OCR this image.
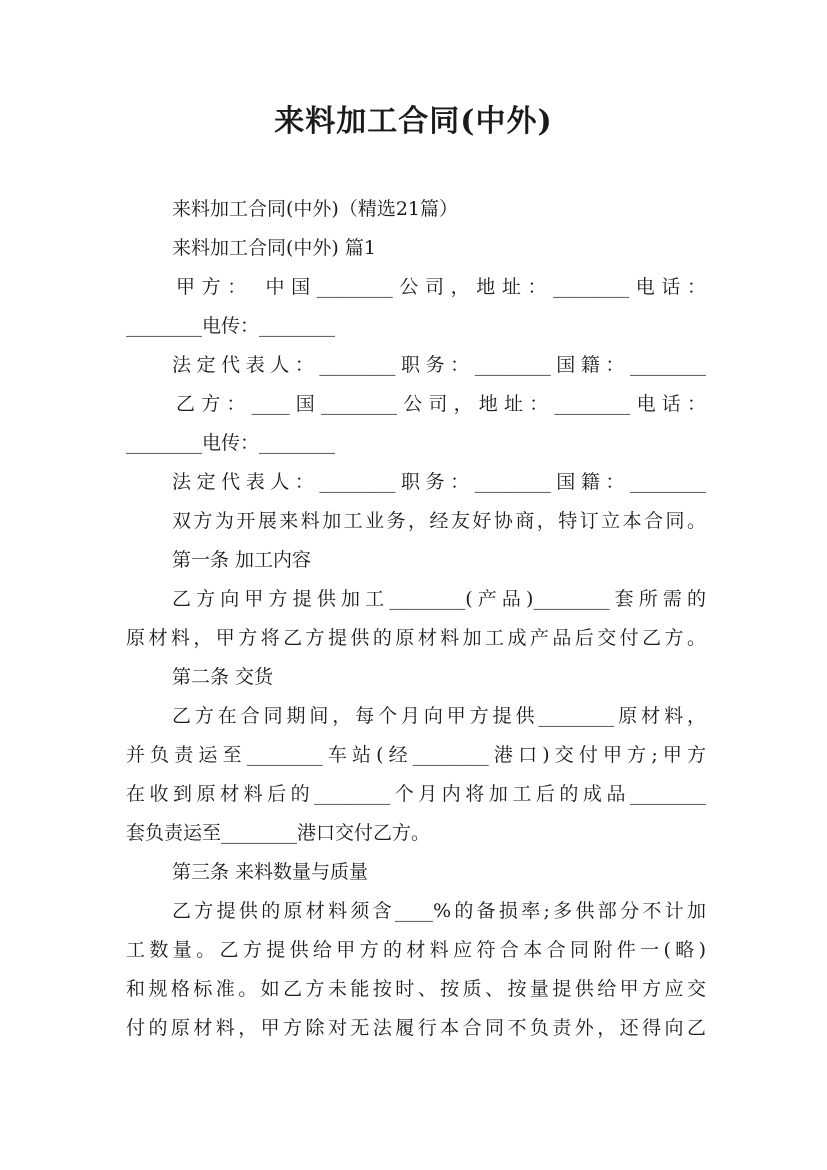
来料加工合同(中外)

来料加工合同(中外)（精选21篇）

来料加工合同(中外) 篇1

甲方： 中国________公司，地址：________电话：

________电传：________

法定代表人：________职务：________国籍：________

乙方：____国________公司，地址：________电话：

________电传：________

法定代表人：________职务：________国籍：________

双方为开展来料加工业务，经友好协商，特订立本合同。

第一条 加工内容

乙方向甲方提供加工________(产品)________套所需的

原材料，甲方将乙方提供的原材料加工成产品后交付乙方。

第二条 交货

乙方在合同期间，每个月向甲方提供________原材料，

并负责运至________车站(经________港口)交付甲方;甲方

在收到原材料后的________个月内将加工后的成品________

套负责运至________港口交付乙方。

第三条 来料数量与质量

乙方提供的原材料须含____%的备损率;多供部分不计加

工数量。乙方提供给甲方的材料应符合本合同附件一(略)

和规格标准。如乙方未能按时、按质、按量提供给甲方应交

付的原材料，甲方除对无法履行本合同不负责外，还得向乙
